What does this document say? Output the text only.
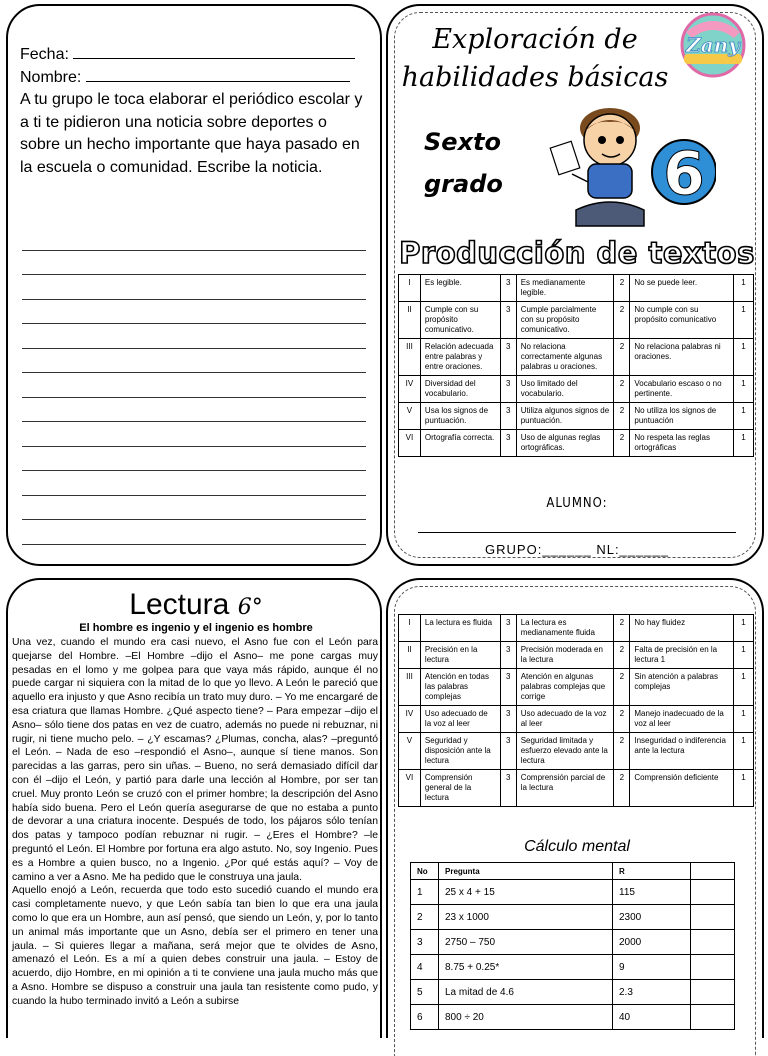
Fecha:
Nombre:
A tu grupo le toca elaborar el periódico escolar y a ti te pidieron una noticia sobre deportes o sobre un hecho importante que haya pasado en la escuela o comunidad. Escribe la noticia.
Exploración de
habilidades básicas
Zany
Sexto
grado	6
Producción de textos
I	Es legible.	3	Es medianamente legible.	2	No se puede leer.	1
II	Cumple con su propósito comunicativo.	3	Cumple parcialmente con su propósito comunicativo.	2	No cumple con su propósito comunicativo	1
III	Relación adecuada entre palabras y entre oraciones.	3	No relaciona correctamente algunas palabras u oraciones.	2	No relaciona palabras ni oraciones.	1
IV	Diversidad del vocabulario.	3	Uso limitado del vocabulario.	2	Vocabulario escaso o no pertinente.	1
V	Usa los signos de puntuación.	3	Utiliza algunos signos de puntuación.	2	No utiliza los signos de puntuación	1
VI	Ortografía correcta.	3	Uso de algunas reglas ortográficas.	2	No respeta las reglas ortográficas	1
ALUMNO:
GRUPO:______ NL:______
Lectura 6°
El hombre es ingenio y el ingenio es hombre

Una vez, cuando el mundo era casi nuevo, el Asno fue con el León para quejarse del Hombre. –El Hombre –dijo el Asno– me pone cargas muy pesadas en el lomo y me golpea para que vaya más rápido, aunque él no puede cargar ni siquiera con la mitad de lo que yo llevo. A León le pareció que aquello era injusto y que Asno recibía un trato muy duro. – Yo me encargaré de esa criatura que llamas Hombre. ¿Qué aspecto tiene? – Para empezar –dijo el Asno– sólo tiene dos patas en vez de cuatro, además no puede ni rebuznar, ni rugir, ni tiene mucho pelo. – ¿Y escamas? ¿Plumas, concha, alas? –preguntó el León. – Nada de eso –respondió el Asno–, aunque sí tiene manos. Son parecidas a las garras, pero sin uñas. – Bueno, no será demasiado difícil dar con él –dijo el León, y partió para darle una lección al Hombre, por ser tan cruel. Muy pronto León se cruzó con el primer hombre; la descripción del Asno había sido buena. Pero el León quería asegurarse de que no estaba a punto de devorar a una criatura inocente. Después de todo, los pájaros sólo tenían dos patas y tampoco podían rebuznar ni rugir. – ¿Eres el Hombre? –le preguntó el León. El Hombre por fortuna era algo astuto. No, soy Ingenio. Pues es a Hombre a quien busco, no a Ingenio. ¿Por qué estás aquí? – Voy de camino a ver a Asno. Me ha pedido que le construya una jaula.

Aquello enojó a León, recuerda que todo esto sucedió cuando el mundo era casi completamente nuevo, y que León sabía tan bien lo que era una jaula como lo que era un Hombre, aun así pensó, que siendo un León, y, por lo tanto un animal más importante que un Asno, debía ser el primero en tener una jaula. – Si quieres llegar a mañana, será mejor que te olvides de Asno, amenazó el León. Es a mí a quien debes construir una jaula. – Estoy de acuerdo, dijo Hombre, en mi opinión a ti te conviene una jaula mucho más que a Asno. Hombre se dispuso a construir una jaula tan resistente como pudo, y cuando la hubo terminado invitó a León a subirse

I	La lectura es fluida	3	La lectura es medianamente fluida	2	No hay fluidez	1
II	Precisión en la lectura	3	Precisión moderada en la lectura	2	Falta de precisión en la lectura 1	1
III	Atención en todas las palabras complejas	3	Atención en algunas palabras complejas que corrige	2	Sin atención a palabras complejas	1
IV	Uso adecuado de la voz al leer	3	Uso adecuado de la voz al leer	2	Manejo inadecuado de la voz al leer	1
V	Seguridad y disposición ante la lectura	3	Seguridad limitada y esfuerzo elevado ante la lectura	2	Inseguridad o indiferencia ante la lectura	1
VI	Comprensión general de la lectura	3	Comprensión parcial de la lectura	2	Comprensión deficiente	1
Cálculo mental
No	Pregunta	R	
1	25 x 4 + 15	115	
2	23 x 1000	2300	
3	2750 – 750	2000	
4	8.75 + 0.25*	9	
5	La mitad de 4.6	2.3	
6	800 ÷ 20	40	
